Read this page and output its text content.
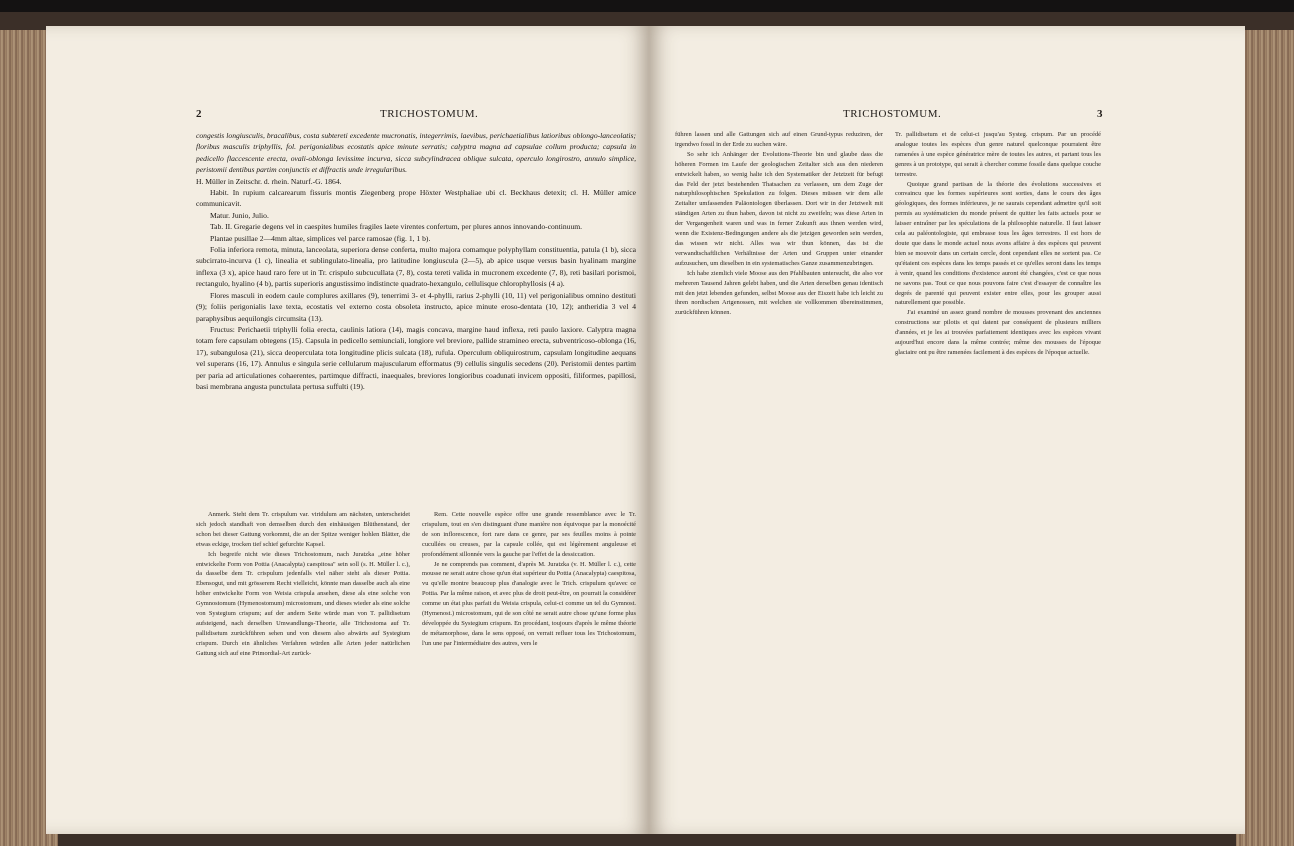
2	TRICHOSTOMUM.

congestis longiusculis, bracalibus, costa subtereti excedente mucronatis, integerrimis, laevibus, perichaetialibus latioribus oblongo-lanceolatis; floribus masculis triphyllis, fol. perigonialibus ecostatis apice minute serratis; calyptra magna ad capsulae collum producta; capsula in pedicello flaccescente erecta, ovali-oblonga levissime incurva, sicca subcylindracea oblique sulcata, operculo longirostro, annulo simplice, peristomii dentibus partim conjunctis et diffractis unde irregularibus.

H. Müller in Zeitschr. d. rhein. Naturf.-G. 1864.

Habit. In rupium calcarearum fissuris montis Ziegenberg prope Höxter Westphaliae ubi cl. Beckhaus detexit; cl. H. Müller amice communicavit.

Matur. Junio, Julio.

Tab. II. Gregarie degens vel in caespites humiles fragiles laete virentes confertum, per plures annos innovando-continuum.

Plantae pusillae 2—4mm altae, simplices vel parce ramosae (fig. 1, 1 b).

Folia inferiora remota, minuta, lanceolata, superiora dense conferta, multo majora comamque polyphyllam constituentia, patula (1 b), sicca subcirrato-incurva (1 c), linealia et sublingulato-linealia, pro latitudine longiuscula (2—5), ab apice usque versus basin hyalinam margine inflexa (3 x), apice haud raro fere ut in Tr. crispulo subcucullata (7, 8), costa tereti valida in mucronem excedente (7, 8), reti basilari porismoi, rectangulo, hyalino (4 b), partis superioris angustissimo indistincte quadrato-hexangulo, cellulisque chlorophyllosis (4 a).

Flores masculi in eodem caule complures axillares (9), tenerrimi 3- et 4-phylli, rarius 2-phylli (10, 11) vel perigonialibus omnino destituti (9); foliis perigonialis laxe texta, ecostatis vel externo costa obsoleta instructo, apice minute eroso-dentata (10, 12); antheridia 3 vel 4 paraphysibus aequilongis circumsita (13).

Fructus: Perichaetii triphylli folia erecta, caulinis latiora (14), magis concava, margine haud inflexa, reti paulo laxiore. Calyptra magna totam fere capsulam obtegens (15). Capsula in pedicello semiunciali, longiore vel breviore, pallide stramineo erecta, subventricoso-oblonga (16, 17), subangulosa (21), sicca deoperculata tota longitudine plicis sulcata (18), rufula. Operculum obliquirostrum, capsulam longitudine aequans vel superans (16, 17). Annulus e singula serie cellularum majuscularum efformatus (9) cellulis singulis secedens (20). Peristomii dentes partim per paria ad articulationes cohaerentes, partimque diffracti, inaequales, breviores longioribus coadunati invicem oppositi, filiformes, papillosi, basi membrana angusta punctulata pertusa suffulti (19).

Anmerk. Steht dem Tr. crispulum var. viridulum am nächsten, unterscheidet sich jedoch standhaft von demselben durch den einhäusigen Blüthenstand, der schon bei dieser Gattung vorkommt, die an der Spitze weniger hohlen Blätter, die etwas eckige, trocken tief schief gefurchte Kapsel.

Ich begreife nicht wie dieses Trichostomum, nach Juratzka „eine höher entwickelte Form von Pottia (Anacalypta) caespitosa" sein soll (s. H. Müller l. c.), da dasselbe dem Tr. crispulum jedenfalls viel näher steht als dieser Pottia. Ebensogut, und mit grösserem Recht vielleicht, könnte man dasselbe auch als eine höher entwickelte Form von Weisia crispula ansehen, diese als eine solche von Gymnostomum (Hymenostomum) microstomum, und dieses wieder als eine solche von Systegium crispum; auf der andern Seite würde man von T. pallidisetum aufsteigend, nach derselben Umwandlungs-Theorie, alle Trichostoma auf Tr. pallidisetum zurückführen sehen und von diesem also abwärts auf Systegium crispum. Durch ein ähnliches Verfahren würden alle Arten jeder natürlichen Gattung sich auf eine Primordial-Art zurück-

Rem. Cette nouvelle espèce offre une grande ressemblance avec le Tr. crispulum, tout en s'en distinguant d'une manière non équivoque par la monoécité de son inflorescence, fort rare dans ce genre, par ses feuilles moins à pointe cucullées ou creuses, par la capsule collée, qui est légèrement anguleuse et profondément sillonnée vers la gauche par l'effet de la dessiccation.

Je ne comprends pas comment, d'après M. Juratzka (v. H. Müller l. c.), cette mousse ne serait autre chose qu'un état supérieur du Pottia (Anacalypta) caespitosa, vu qu'elle montre beaucoup plus d'analogie avec le Trich. crispulum qu'avec ce Pottia. Par la même raison, et avec plus de droit peut-être, on pourrait la considérer comme un état plus parfait du Weisia crispula, celui-ci comme un tel du Gymnost. (Hymenost.) microstomum, qui de son côté ne serait autre chose qu'une forme plus développée du Systegium crispum. En procédant, toujours d'après le même théorie de métamorphose, dans le sens opposé, on verrait refluer tous les Trichostomum, l'un une par l'intermédiaire des autres, vers le

TRICHOSTOMUM.	3

führen lassen und alle Gattungen sich auf einen Grund-typus reduziren, der irgendwo fossil in der Erde zu suchen wäre.

So sehr ich Anhänger der Evolutions-Theorie bin und glaube dass die höheren Formen im Laufe der geologischen Zeitalter sich aus den niederen entwickelt haben, so wenig halte ich den Systematiker der Jetztzeit für befugt das Feld der jetzt bestehenden Thatsachen zu verlassen, um dem Zuge der naturphilosophischen Spekulation zu folgen. Dieses müssen wir dem alle Zeitalter umfassenden Paläontologen überlassen. Dort wir in der Jetztwelt mit ständigen Arten zu thun haben, davon ist nicht zu zweifeln; was diese Arten in der Vergangenheit waren und was in ferner Zukunft aus ihnen werden wird, wenn die Existenz-Bedingungen andere als die jetzigen geworden sein werden, das wissen wir nicht. Alles was wir thun können, das ist die verwandtschaftlichen Verhältnisse der Arten und Gruppen unter einander aufzusuchen, um dieselben in ein systematisches Ganze zusammenzubringen.

Ich habe ziemlich viele Moose aus den Pfahlbauten untersucht, die also vor mehreren Tausend Jahren gelebt haben, und die Arten derselben genau identisch mit den jetzt lebenden gefunden, selbst Moose aus der Eiszeit habe ich leicht zu ihren nordischen Artgenossen, mit welchen sie vollkommen übereinstimmen, zurückführen können.

Tr. pallidisetum et de celui-ci jusqu'au Systeg. crispum. Par un procédé analogue toutes les espèces d'un genre naturel quelconque pourraient être ramenées à une espèce génératrice mère de toutes les autres, et partant tous les genres à un prototype, qui serait à chercher comme fossile dans quelque couche terrestre.

Quoique grand partisan de la théorie des évolutions successives et convaincu que les formes supérieures sont sorties, dans le cours des âges géologiques, des formes inférieures, je ne saurais cependant admettre qu'il soit permis au systématicien du monde présent de quitter les faits actuels pour se laisser entraîner par les spéculations de la philosophie naturelle. Il faut laisser cela au paléontologiste, qui embrasse tous les âges terrestres. Il est hors de doute que dans le monde actuel nous avons affaire à des espèces qui peuvent bien se mouvoir dans un certain cercle, dont cependant elles ne sortent pas. Ce qu'étaient ces espèces dans les temps passés et ce qu'elles seront dans les temps à venir, quand les conditions d'existence auront été changées, c'est ce que nous ne savons pas. Tout ce que nous pouvons faire c'est d'essayer de connaître les degrés de parenté qui peuvent exister entre elles, pour les grouper aussi naturellement que possible.

J'ai examiné un assez grand nombre de mousses provenant des anciennes constructions sur pilotis et qui datent par conséquent de plusieurs milliers d'années, et je les ai trouvées parfaitement identiques avec les espèces vivant aujourd'hui encore dans la même contrée; même des mousses de l'époque glaciaire ont pu être ramenées facilement à des espèces de l'époque actuelle.
